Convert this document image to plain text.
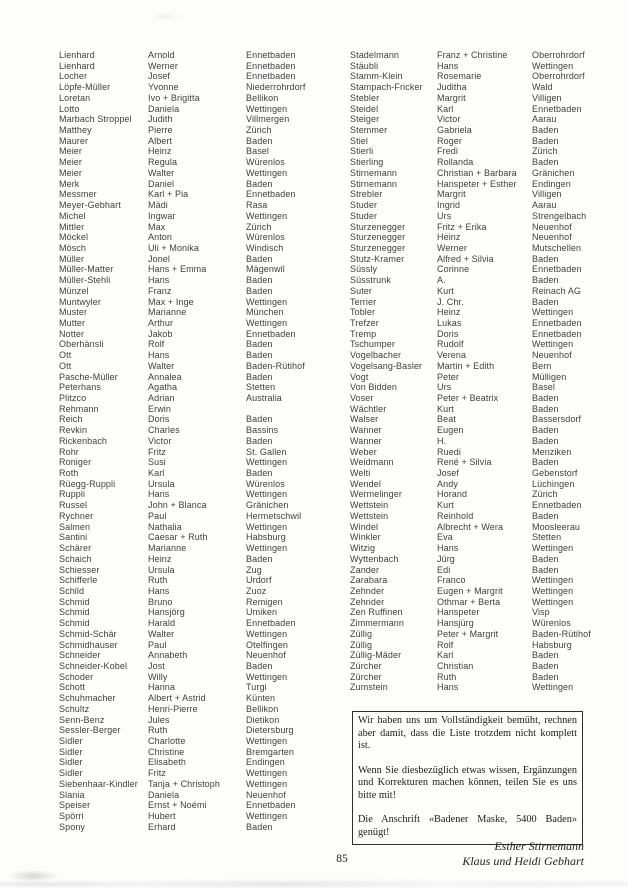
Lienhard	Arnold	Ennetbaden
Lienhard	Werner	Ennetbaden
Locher	Josef	Ennetbaden
Löpfe-Müller	Yvonne	Niederrohrdorf
Loretan	Ivo + Brigitta	Bellikon
Lotto	Daniela	Wettingen
Marbach Stroppel	Judith	Villmergen
Matthey	Pierre	Zürich
Maurer	Albert	Baden
Meier	Heinz	Basel
Meier	Regula	Würenlos
Meier	Walter	Wettingen
Merk	Daniel	Baden
Messmer	Karl + Pia	Ennetbaden
Meyer-Gebhart	Mädi	Rasa
Michel	Ingwar	Wettingen
Mittler	Max	Zürich
Möckel	Anton	Würenlos
Mösch	Uli + Monika	Windisch
Müller	Jonel	Baden
Müller-Matter	Hans + Emma	Mägenwil
Müller-Stehli	Hans	Baden
Münzel	Franz	Baden
Muntwyler	Max + Inge	Wettingen
Muster	Marianne	München
Mutter	Arthur	Wettingen
Notter	Jakob	Ennetbaden
Oberhänsli	Rolf	Baden
Ott	Hans	Baden
Ott	Walter	Baden-Rütihof
Pasche-Müller	Annalea	Baden
Peterhans	Agatha	Stetten
Plitzco	Adrian	Australia
Rehmann	Erwin
Reich	Doris	Baden
Revkin	Charles	Bassins
Rickenbach	Victor	Baden
Rohr	Fritz	St. Gallen
Roniger	Susi	Wettingen
Roth	Karl	Baden
Rüegg-Ruppli	Ursula	Würenlos
Ruppli	Hans	Wettingen
Russel	John + Blanca	Gränichen
Rychner	Paul	Hermetschwil
Salmen	Nathalia	Wettingen
Santini	Caesar + Ruth	Habsburg
Schärer	Marianne	Wettingen
Schaich	Heinz	Baden
Schiesser	Ursula	Zug
Schifferle	Ruth	Urdorf
Schild	Hans	Zuoz
Schmid	Bruno	Remigen
Schmid	Hansjörg	Umiken
Schmid	Harald	Ennetbaden
Schmid-Schär	Walter	Wettingen
Schmidhauser	Paul	Otelfingen
Schneider	Annabeth	Neuenhof
Schneider-Kobel	Jost	Baden
Schoder	Willy	Wettingen
Schott	Hanna	Turgi
Schuhmacher	Albert + Astrid	Künten
Schultz	Henri-Pierre	Bellikon
Senn-Benz	Jules	Dietikon
Sessler-Berger	Ruth	Dietersburg
Sidler	Charlotte	Wettingen
Sidler	Christine	Bremgarten
Sidler	Elisabeth	Endingen
Sidler	Fritz	Wettingen
Siebenhaar-Kindler	Tanja + Christoph	Wettingen
Slania	Daniela	Neuenhof
Speiser	Ernst + Noémi	Ennetbaden
Spörri	Hubert	Wettingen
Spony	Erhard	Baden
Stadelmann	Franz + Christine	Oberrohrdorf
Stäubli	Hans	Wettingen
Stamm-Klein	Rosemarie	Oberrohrdorf
Stampach-Fricker	Juditha	Wald
Stebler	Margrit	Villigen
Steidel	Karl	Ennetbaden
Steiger	Victor	Aarau
Stemmer	Gabriela	Baden
Stiel	Roger	Baden
Stierli	Fredi	Zürich
Stierling	Rollanda	Baden
Stirnemann	Christian + Barbara	Gränichen
Stirnemann	Hanspeter + Esther	Endingen
Strebler	Margrit	Villigen
Studer	Ingrid	Aarau
Studer	Urs	Strengelbach
Sturzenegger	Fritz + Erika	Neuenhof
Sturzenegger	Heinz	Neuenhof
Sturzenegger	Werner	Mutschellen
Stutz-Kramer	Alfred + Silvia	Baden
Süssly	Corinne	Ennetbaden
Süsstrunk	A.	Baden
Suter	Kurt	Reinach AG
Terrier	J. Chr.	Baden
Tobler	Heinz	Wettingen
Trefzer	Lukas	Ennetbaden
Tremp	Doris	Ennetbaden
Tschumper	Rudolf	Wettingen
Vogelbacher	Verena	Neuenhof
Vogelsang-Basler	Martin + Edith	Bern
Vogt	Peter	Mülligen
Von Bidden	Urs	Basel
Voser	Peter + Beatrix	Baden
Wächtler	Kurt	Baden
Walser	Beat	Bassersdorf
Wanner	Eugen	Baden
Wanner	H.	Baden
Weber	Ruedi	Menziken
Weidmann	René + Silvia	Baden
Welti	Josef	Gebenstorf
Wendel	Andy	Lüchingen
Wermelinger	Horand	Zürich
Wettstein	Kurt	Ennetbaden
Wettstein	Reinhold	Baden
Windel	Albrecht + Wera	Moosleerau
Winkler	Eva	Stetten
Witzig	Hans	Wettingen
Wyttenbach	Jürg	Baden
Zander	Edi	Baden
Zarabara	Franco	Wettingen
Zehnder	Eugen + Margrit	Wettingen
Zehnder	Othmar + Berta	Wettingen
Zen Ruffinen	Hanspeter	Visp
Zimmermann	Hansjürg	Würenlos
Züllig	Peter + Margrit	Baden-Rütihof
Züllig	Rolf	Habsburg
Züllig-Mäder	Karl	Baden
Zürcher	Christian	Baden
Zürcher	Ruth	Baden
Zumstein	Hans	Wettingen

Wir haben uns um Vollständigkeit bemüht, rechnen aber damit, dass die Liste trotzdem nicht komplett ist.

Wenn Sie diesbezüglich etwas wissen, Ergänzungen und Korrekturen machen können, teilen Sie es uns bitte mit!

Die Anschrift «Badener Maske, 5400 Baden» genügt!

Esther Stirnemann
Klaus und Heidi Gebhart
85
